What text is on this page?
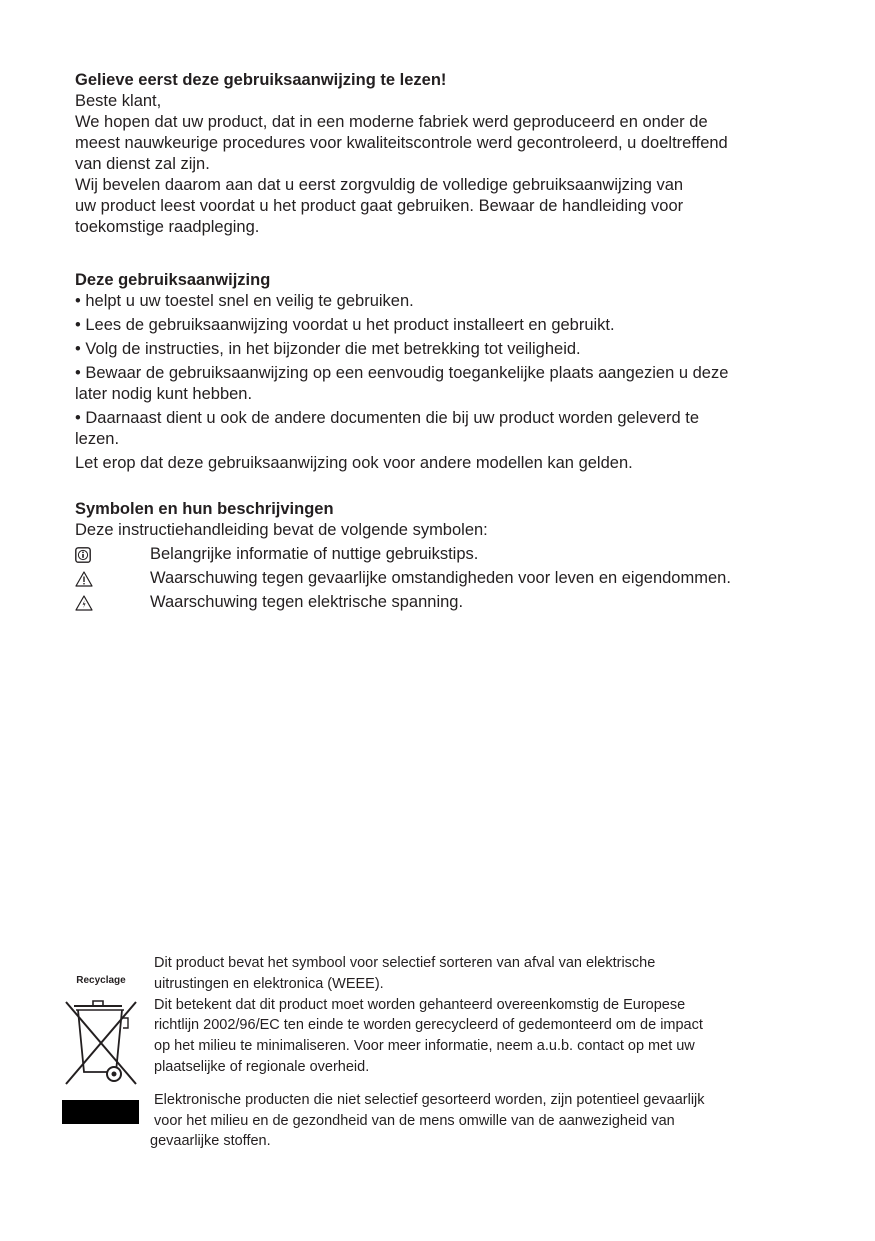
Gelieve eerst deze gebruiksaanwijzing te lezen!

Beste klant,

We hopen dat uw product, dat in een moderne fabriek werd geproduceerd en onder de

meest nauwkeurige procedures voor kwaliteitscontrole werd gecontroleerd, u doeltreffend

van dienst zal zijn.

Wij bevelen daarom aan dat u eerst zorgvuldig de volledige gebruiksaanwijzing van

uw product leest voordat u het product gaat gebruiken. Bewaar de handleiding voor

toekomstige raadpleging.

Deze gebruiksaanwijzing

• helpt u uw toestel snel en veilig te gebruiken.

• Lees de gebruiksaanwijzing voordat u het product installeert en gebruikt.

• Volg de instructies, in het bijzonder die met betrekking tot veiligheid.

• Bewaar de gebruiksaanwijzing op een eenvoudig toegankelijke plaats aangezien u deze

later nodig kunt hebben.

• Daarnaast dient u ook de andere documenten die bij uw product worden geleverd te

lezen.

Let erop dat deze gebruiksaanwijzing ook voor andere modellen kan gelden.

Symbolen en hun beschrijvingen

Deze instructiehandleiding bevat de volgende symbolen:

Belangrijke informatie of nuttige gebruikstips.
Waarschuwing tegen gevaarlijke omstandigheden voor leven en eigendommen.
Waarschuwing tegen elektrische spanning.
Recyclage

Dit product bevat het symbool voor selectief sorteren van afval van elektrische

uitrustingen en elektronica (WEEE).

Dit betekent dat dit product moet worden gehanteerd overeenkomstig de Europese

richtlijn 2002/96/EC ten einde te worden gerecycleerd of gedemonteerd om de impact

op het milieu te minimaliseren. Voor meer informatie, neem a.u.b. contact op met uw

plaatselijke of regionale overheid.

Elektronische producten die niet selectief gesorteerd worden, zijn potentieel gevaarlijk

voor het milieu en de gezondheid van de mens omwille van de aanwezigheid van

gevaarlijke stoffen.
